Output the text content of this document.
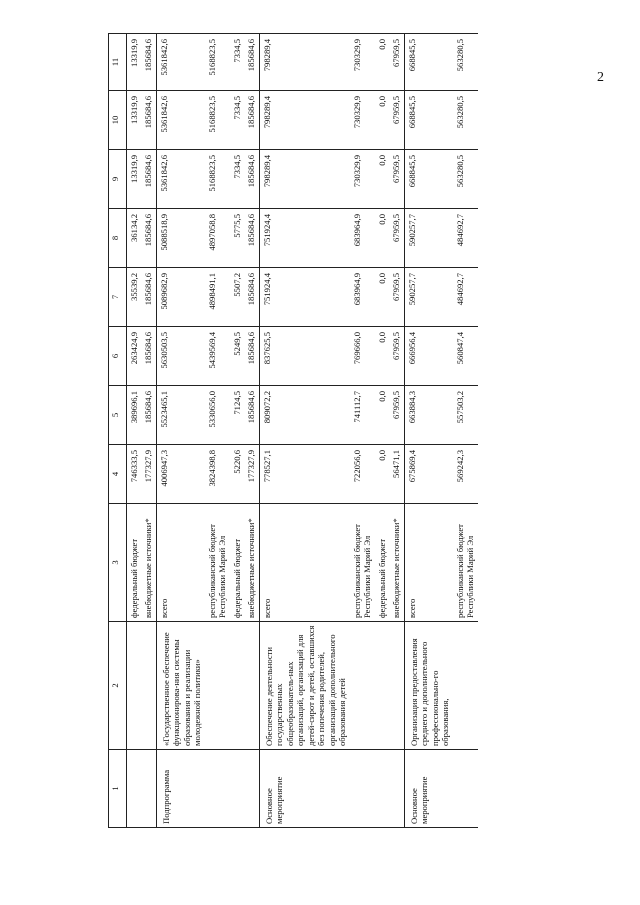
2
1	2	3	4	5	6	7	8	9	10	11
		федеральный бюджет	746333,5	389696,1	263424,9	35539,2	36134,2	13319,9	13319,9	13319,9
		внебюджетные источники*	177327,9	185684,6	185684,6	185684,6	185684,6	185684,6	185684,6	185684,6
Подпрограмма	«Государственное обеспечение функционирова-ния системы образования и реализации молодежной политики»	всего	4006947,3	5523465,1	5630503,5	5089682,9	5088518,9	5361842,6	5361842,6	5361842,6
		республиканский бюджет Республики Марий Эл	3824398,8	5330656,0	5439569,4	4898491,1	4897058,8	5168823,5	5168823,5	5168823,5
		федеральный бюджет	5220,6	7124,5	5249,5	5507,2	5775,5	7334,5	7334,5	7334,5
		внебюджетные источники*	177327,9	185684,6	185684,6	185684,6	185684,6	185684,6	185684,6	185684,6
Основное мероприятие	Обеспечение деятельности государственных общеобразователь-ных организаций, организаций для детей-сирот и детей, оставшихся без попечения родителей, организаций дополнительного образования детей	всего	778527,1	809072,2	837625,5	751924,4	751924,4	798289,4	798289,4	798289,4
		республиканский бюджет Республики Марий Эл	722056,0	741112,7	769666,0	683964,9	683964,9	730329,9	730329,9	730329,9
		федеральный бюджет	0,0	0,0	0,0	0,0	0,0	0,0	0,0	0,0
		внебюджетные источники*	56471,1	67959,5	67959,5	67959,5	67959,5	67959,5	67959,5	67959,5
Основное мероприятие	Организация предоставления среднего и дополнительного профессионально-го образования,	всего	675869,4	663884,3	666956,4	590257,7	590257,7	668845,5	668845,5	668845,5
		республиканский бюджет Республики Марий Эл	569242,3	557503,2	560847,4	484692,7	484692,7	563280,5	563280,5	563280,5
